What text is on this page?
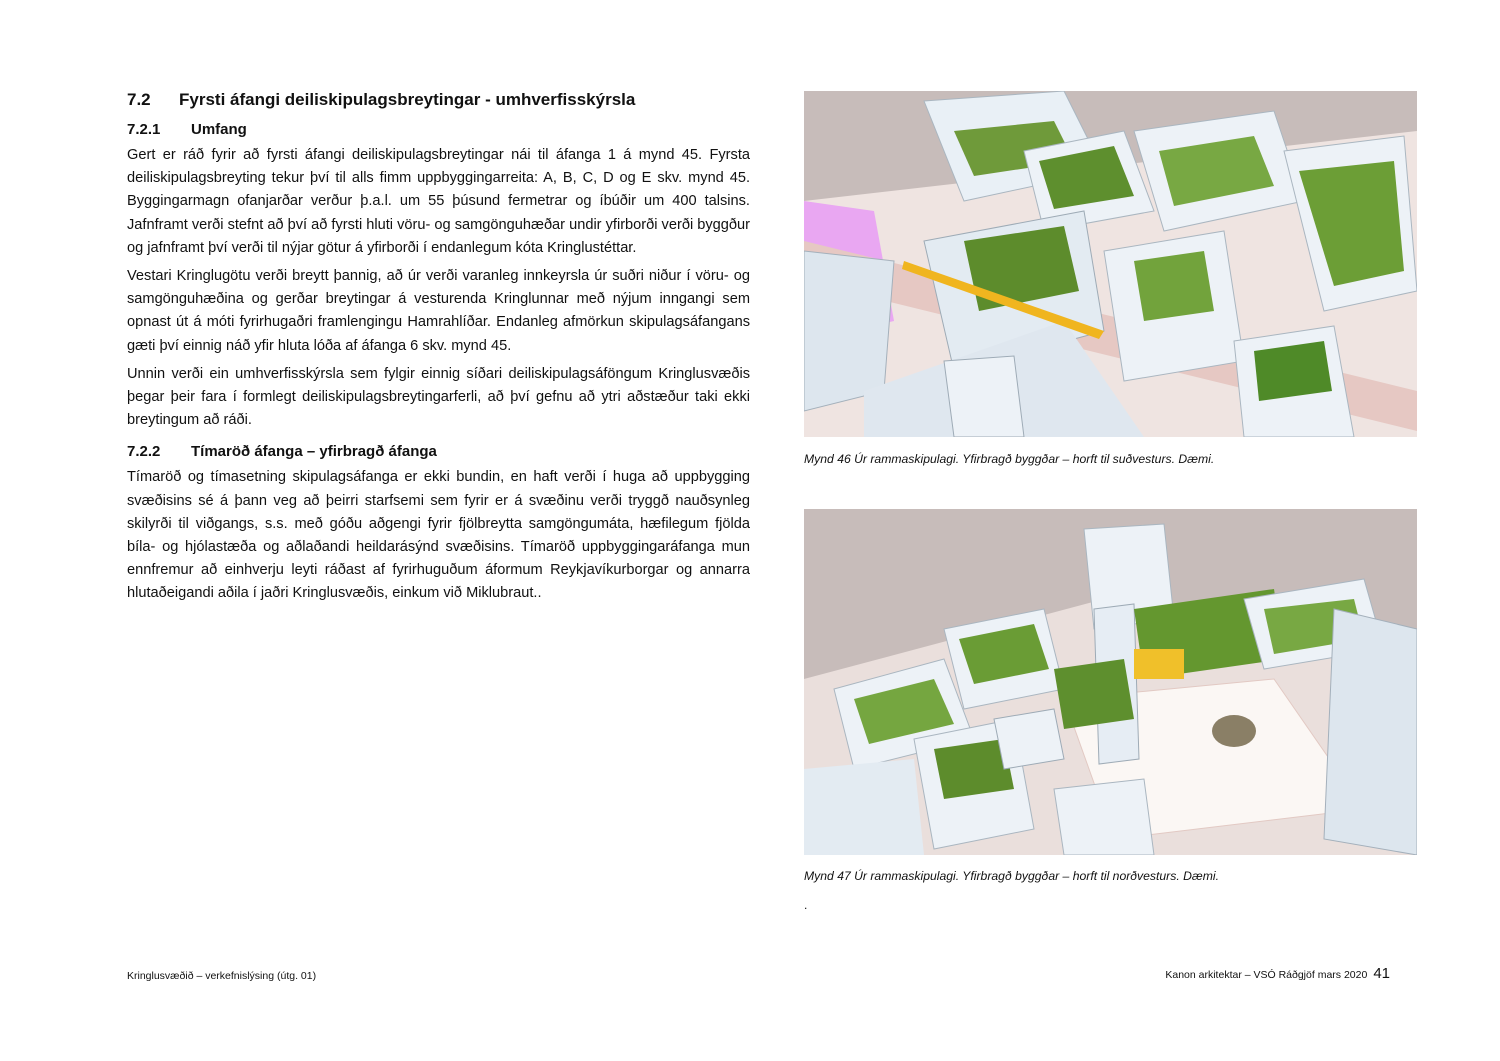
7.2 Fyrsti áfangi deiliskipulagsbreytingar - umhverfisskýrsla
7.2.1 Umfang

Gert er ráð fyrir að fyrsti áfangi deiliskipulagsbreytingar nái til áfanga 1 á mynd 45. Fyrsta deiliskipulagsbreyting tekur því til alls fimm uppbyggingarreita: A, B, C, D og E skv. mynd 45. Byggingarmagn ofanjarðar verður þ.a.l. um 55 þúsund fermetrar og íbúðir um 400 talsins. Jafnframt verði stefnt að því að fyrsti hluti vöru- og samgönguhæðar undir yfirborði verði byggður og jafnframt því verði til nýjar götur á yfirborði í endanlegum kóta Kringlustéttar.

Vestari Kringlugötu verði breytt þannig, að úr verði varanleg innkeyrsla úr suðri niður í vöru- og samgönguhæðina og gerðar breytingar á vesturenda Kringlunnar með nýjum inngangi sem opnast út á móti fyrirhugaðri framlengingu Hamrahlíðar. Endanleg afmörkun skipulagsáfangans gæti því einnig náð yfir hluta lóða af áfanga 6 skv. mynd 45.

Unnin verði ein umhverfisskýrsla sem fylgir einnig síðari deiliskipulagsáföngum Kringlusvæðis þegar þeir fara í formlegt deiliskipulagsbreytingarferli, að því gefnu að ytri aðstæður taki ekki breytingum að ráði.

7.2.2 Tímaröð áfanga – yfirbragð áfanga

Tímaröð og tímasetning skipulagsáfanga er ekki bundin, en haft verði í huga að uppbygging svæðisins sé á þann veg að þeirri starfsemi sem fyrir er á svæðinu verði tryggð nauðsynleg skilyrði til viðgangs, s.s. með góðu aðgengi fyrir fjölbreytta samgöngumáta, hæfilegum fjölda bíla- og hjólastæða og aðlaðandi heildarásýnd svæðisins. Tímaröð uppbyggingaráfanga mun ennfremur að einhverju leyti ráðast af fyrirhuguðum áformum Reykjavíkurborgar og annarra hlutaðeigandi aðila í jaðri Kringlusvæðis, einkum við Miklubraut..

Mynd 46 Úr rammaskipulagi. Yfirbragð byggðar – horft til suðvesturs. Dæmi.
Mynd 47 Úr rammaskipulagi. Yfirbragð byggðar – horft til norðvesturs. Dæmi.
.
Kringlusvæðið – verkefnislýsing (útg. 01)	Kanon arkitektar – VSÓ Ráðgjöf mars 2020 41
